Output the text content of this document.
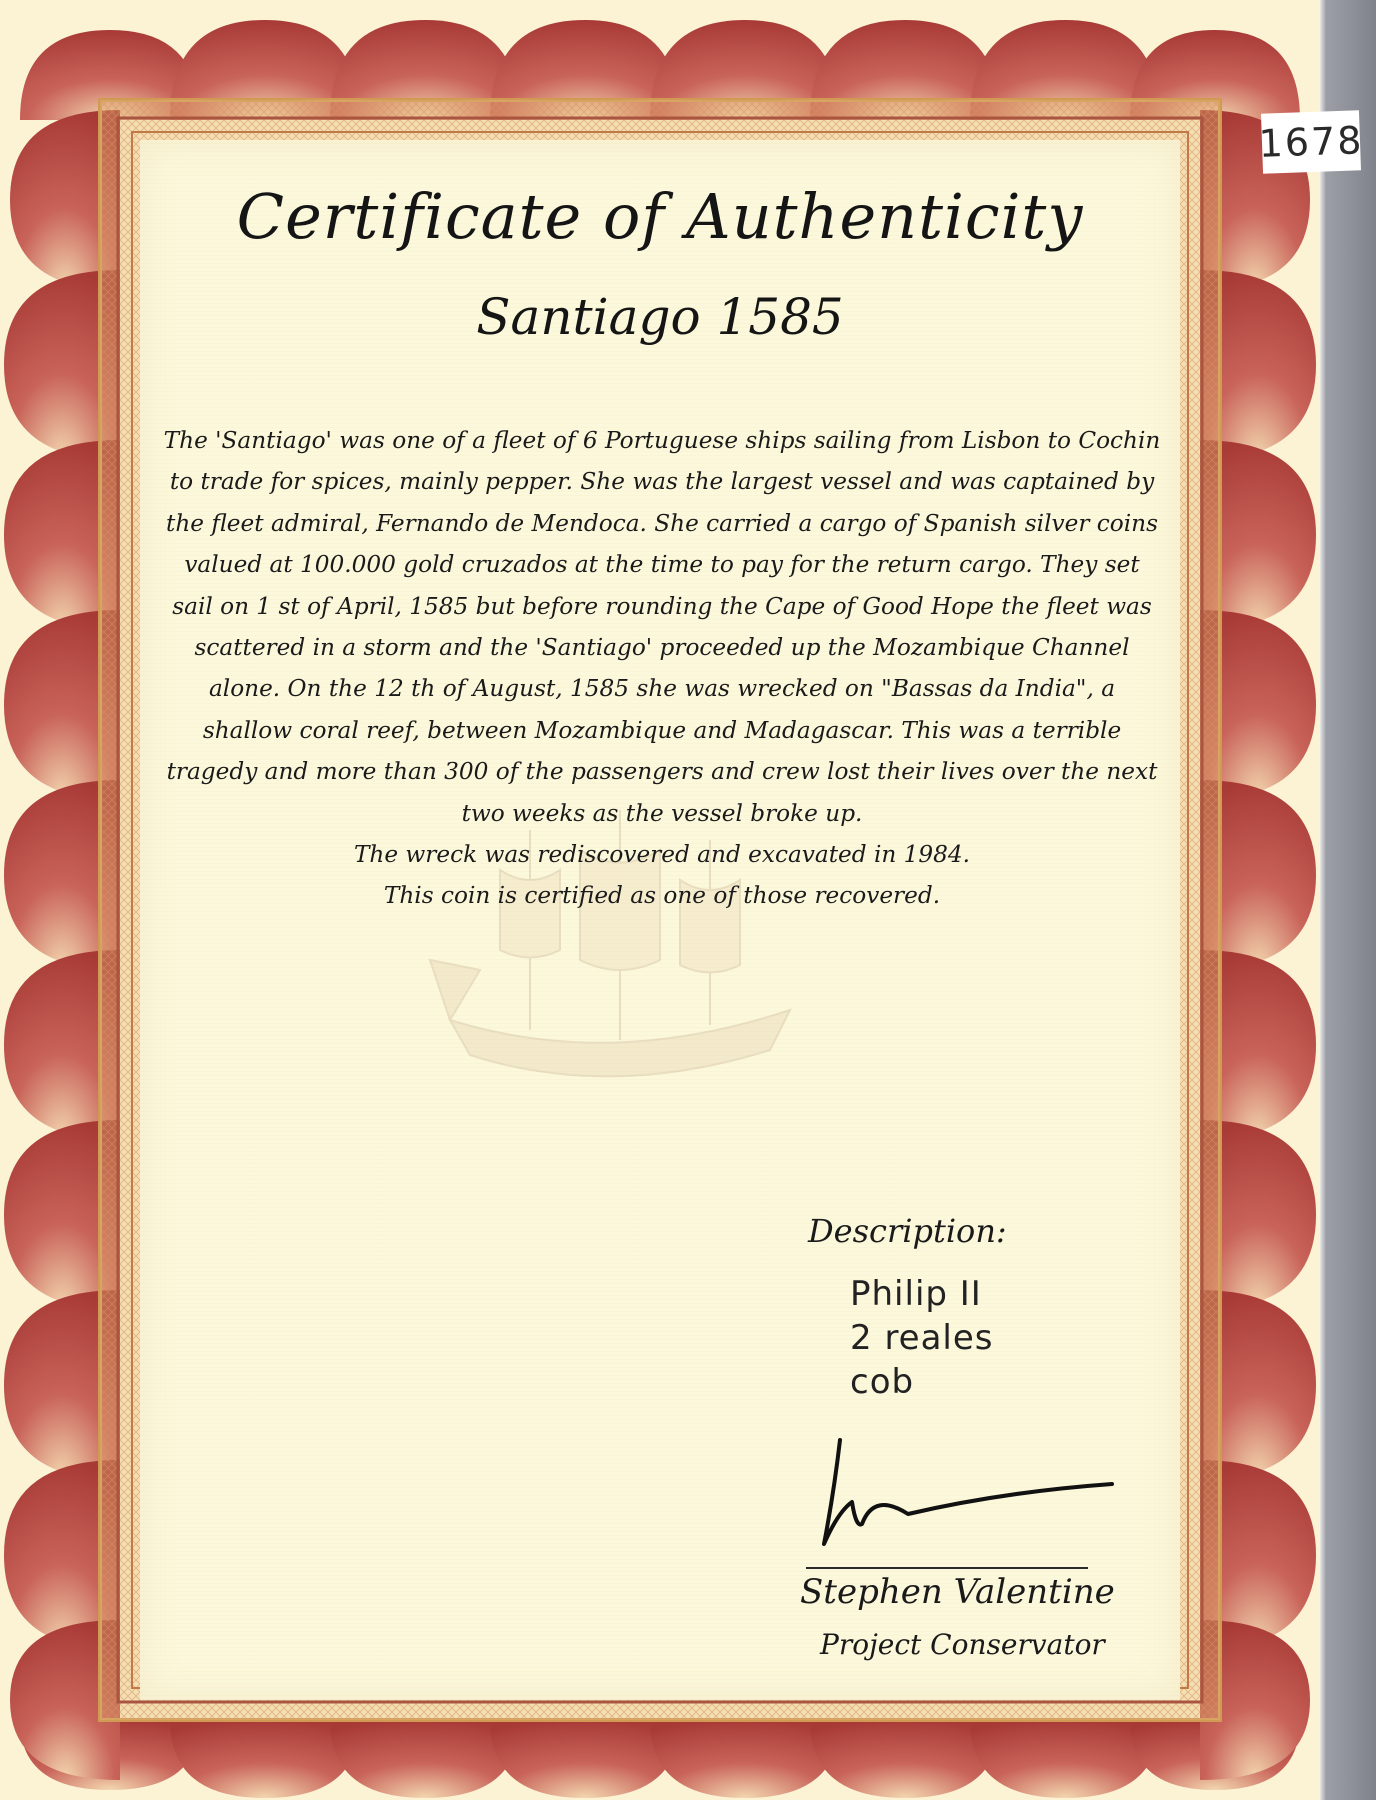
Certificate of Authenticity
Santiago 1585

The 'Santiago' was one of a fleet of 6 Portuguese ships sailing from Lisbon to Cochin to trade for spices, mainly pepper. She was the largest vessel and was captained by the fleet admiral, Fernando de Mendoca. She carried a cargo of Spanish silver coins valued at 100.000 gold cruzados at the time to pay for the return cargo. They set sail on 1 st of April, 1585 but before rounding the Cape of Good Hope the fleet was scattered in a storm and the 'Santiago' proceeded up the Mozambique Channel alone. On the 12 th of August, 1585 she was wrecked on "Bassas da India", a shallow coral reef, between Mozambique and Madagascar. This was a terrible tragedy and more than 300 of the passengers and crew lost their lives over the next two weeks as the vessel broke up.

The wreck was rediscovered and excavated in 1984.

This coin is certified as one of those recovered.

Description:
Philip II
2 reales
cob
Stephen Valentine
Project Conservator
1678
